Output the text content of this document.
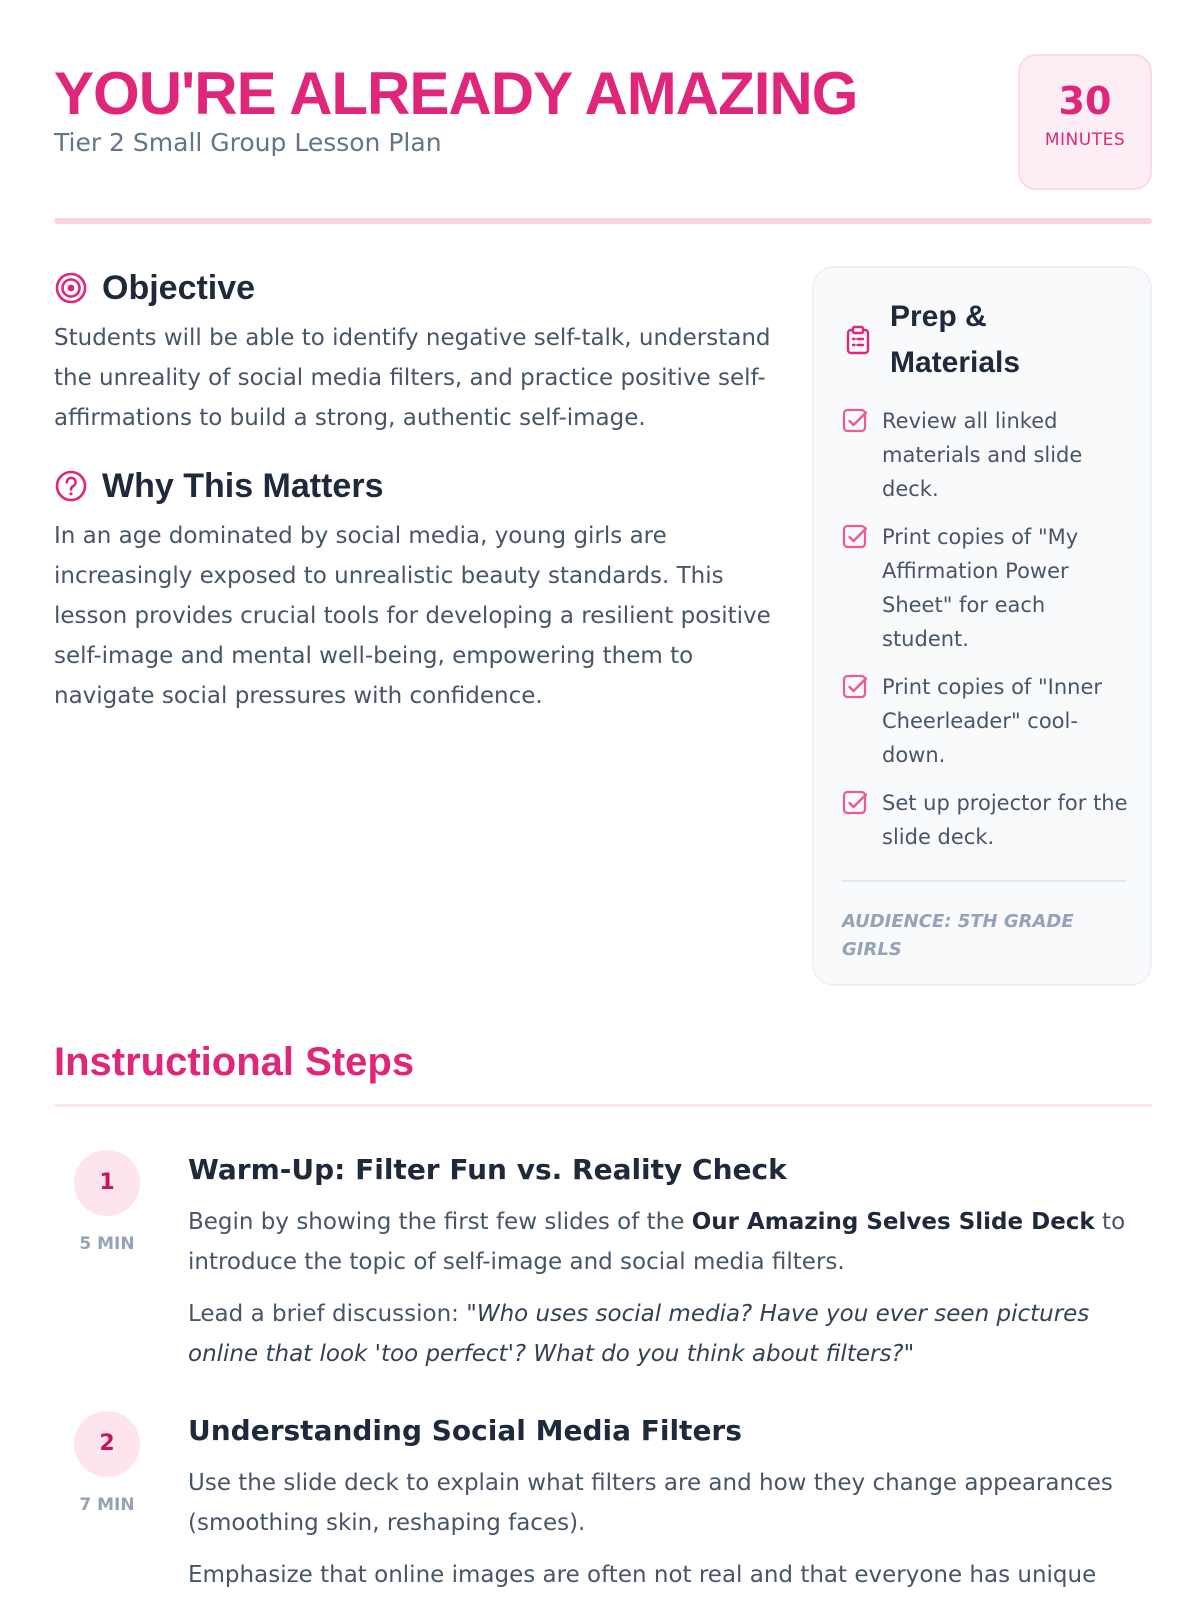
YOU'RE ALREADY AMAZING
Tier 2 Small Group Lesson Plan
30
MINUTES
Objective

Students will be able to identify negative self-talk, understand the unreality of social media filters, and practice positive self-affirmations to build a strong, authentic self-image.

Why This Matters

In an age dominated by social media, young girls are increasingly exposed to unrealistic beauty standards. This lesson provides crucial tools for developing a resilient positive self-image and mental well-being, empowering them to navigate social pressures with confidence.

Prep & Materials
Review all linked materials and slide deck.
Print copies of "My Affirmation Power Sheet" for each student.
Print copies of "Inner Cheerleader" cool-down.
Set up projector for the slide deck.
AUDIENCE: 5TH GRADE GIRLS
Instructional Steps
1
5 MIN
Warm-Up: Filter Fun vs. Reality Check

Begin by showing the first few slides of the Our Amazing Selves Slide Deck to introduce the topic of self-image and social media filters.

Lead a brief discussion: "Who uses social media? Have you ever seen pictures online that look 'too perfect'? What do you think about filters?"

2
7 MIN
Understanding Social Media Filters

Use the slide deck to explain what filters are and how they change appearances (smoothing skin, reshaping faces).

Emphasize that online images are often not real and that everyone has unique
